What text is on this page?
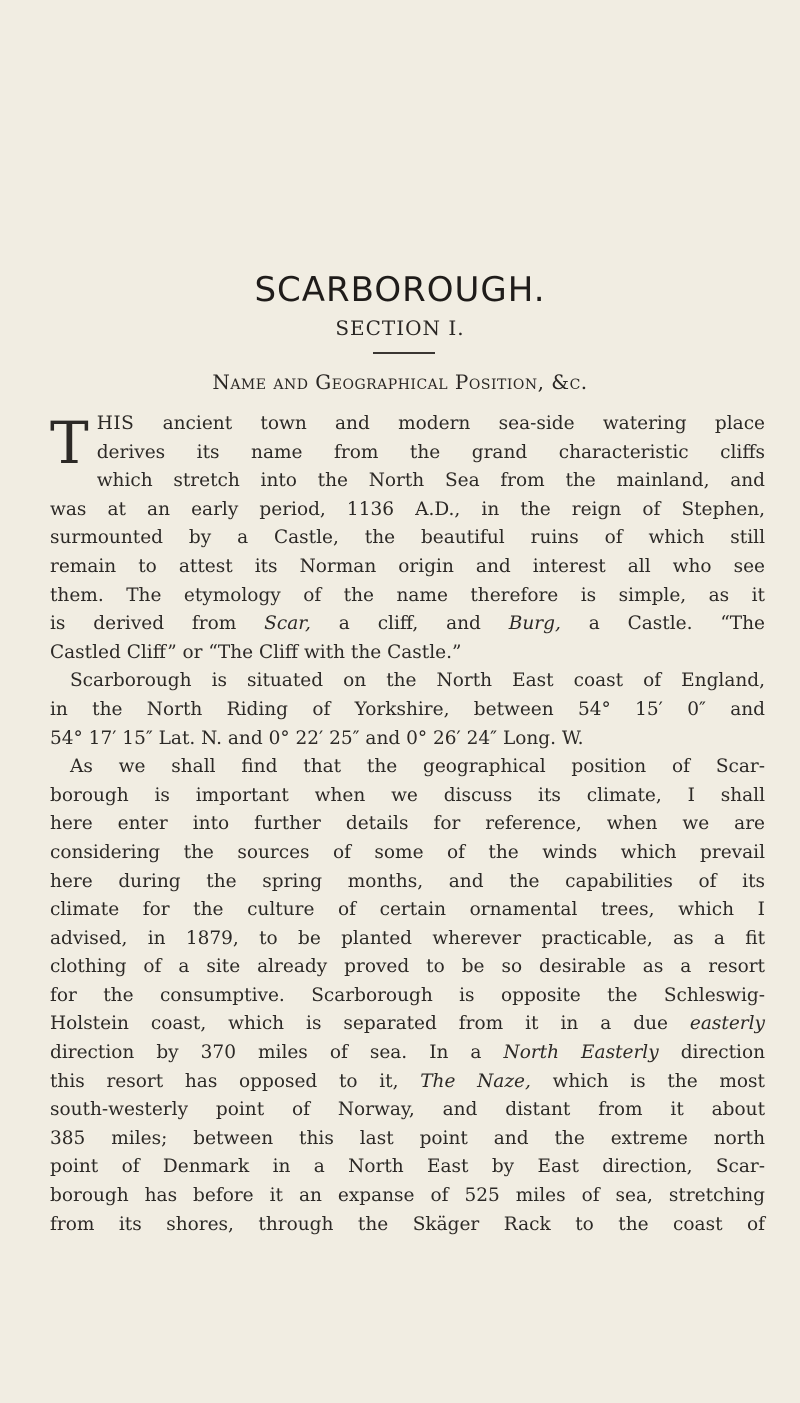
SCARBOROUGH.
SECTION I.
Name and Geographical Position, &c.
T HIS ancient town and modern sea-side watering place
derives its name from the grand characteristic cliffs
which stretch into the North Sea from the mainland, and
was at an early period, 1136 A.D., in the reign of Stephen,
surmounted by a Castle, the beautiful ruins of which still
remain to attest its Norman origin and interest all who see
them. The etymology of the name therefore is simple, as it
is derived from Scar, a cliff, and Burg, a Castle. “The
Castled Cliff” or “The Cliff with the Castle.”
Scarborough is situated on the North East coast of England,
in the North Riding of Yorkshire, between 54° 15′ 0″ and
54° 17′ 15″ Lat. N. and 0° 22′ 25″ and 0° 26′ 24″ Long. W.
As we shall find that the geographical position of Scar-
borough is important when we discuss its climate, I shall
here enter into further details for reference, when we are
considering the sources of some of the winds which prevail
here during the spring months, and the capabilities of its
climate for the culture of certain ornamental trees, which I
advised, in 1879, to be planted wherever practicable, as a fit
clothing of a site already proved to be so desirable as a resort
for the consumptive. Scarborough is opposite the Schleswig-
Holstein coast, which is separated from it in a due easterly
direction by 370 miles of sea. In a North Easterly direction
this resort has opposed to it, The Naze, which is the most
south-westerly point of Norway, and distant from it about
385 miles; between this last point and the extreme north
point of Denmark in a North East by East direction, Scar-
borough has before it an expanse of 525 miles of sea, stretching
from its shores, through the Skäger Rack to the coast of
